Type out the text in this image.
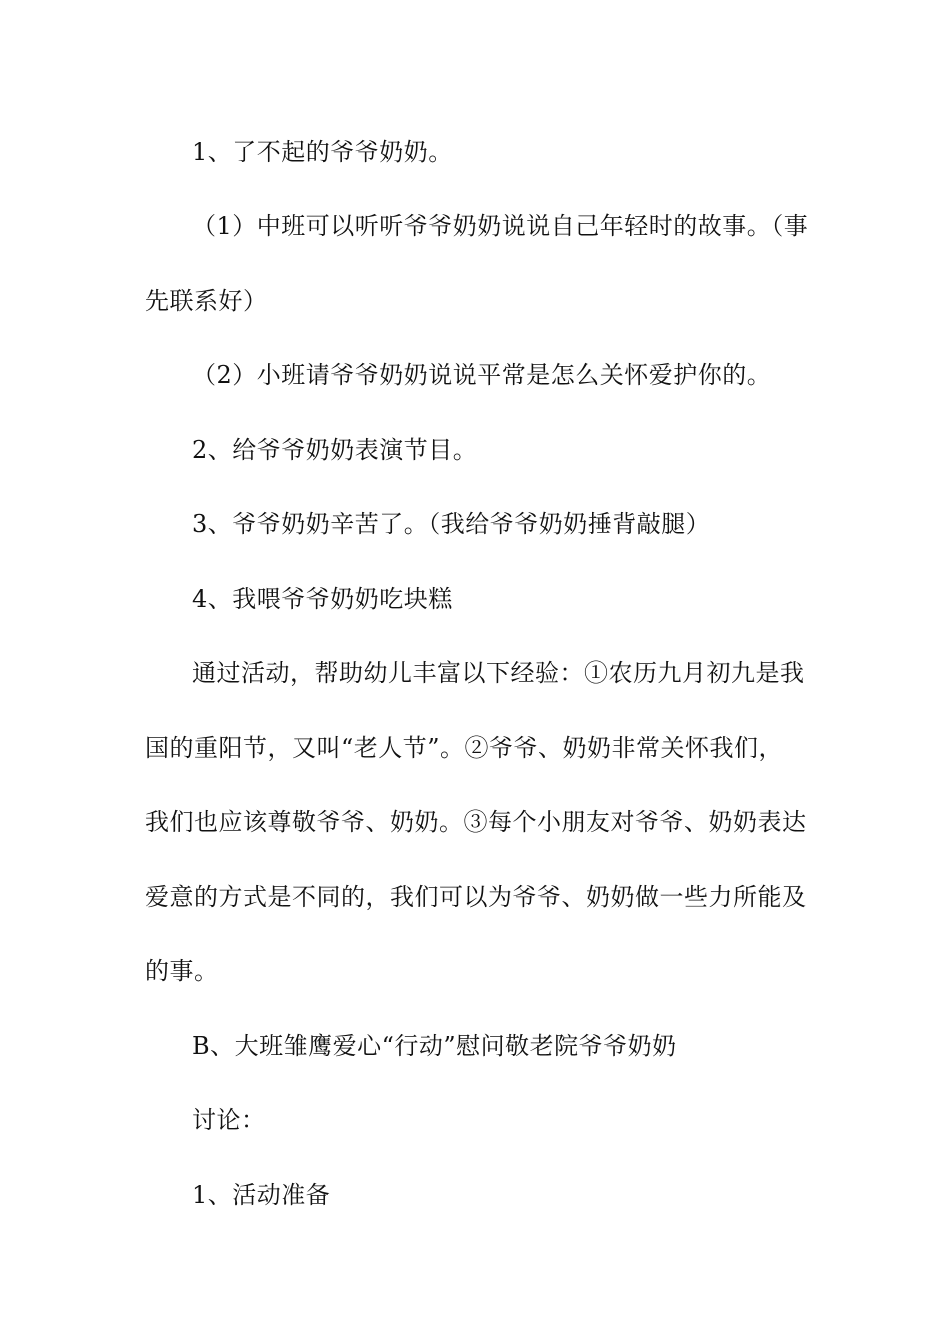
1、了不起的爷爷奶奶。
（1）中班可以听听爷爷奶奶说说自己年轻时的故事。（事
先联系好）
（2）小班请爷爷奶奶说说平常是怎么关怀爱护你的。
2、给爷爷奶奶表演节目。
3、爷爷奶奶辛苦了。（我给爷爷奶奶捶背敲腿）
4、我喂爷爷奶奶吃块糕
通过活动，帮助幼儿丰富以下经验：①农历九月初九是我
国的重阳节，又叫“老人节”。②爷爷、奶奶非常关怀我们，
我们也应该尊敬爷爷、奶奶。③每个小朋友对爷爷、奶奶表达
爱意的方式是不同的，我们可以为爷爷、奶奶做一些力所能及
的事。
B、大班雏鹰爱心“行动”慰问敬老院爷爷奶奶
讨论：
1、活动准备
